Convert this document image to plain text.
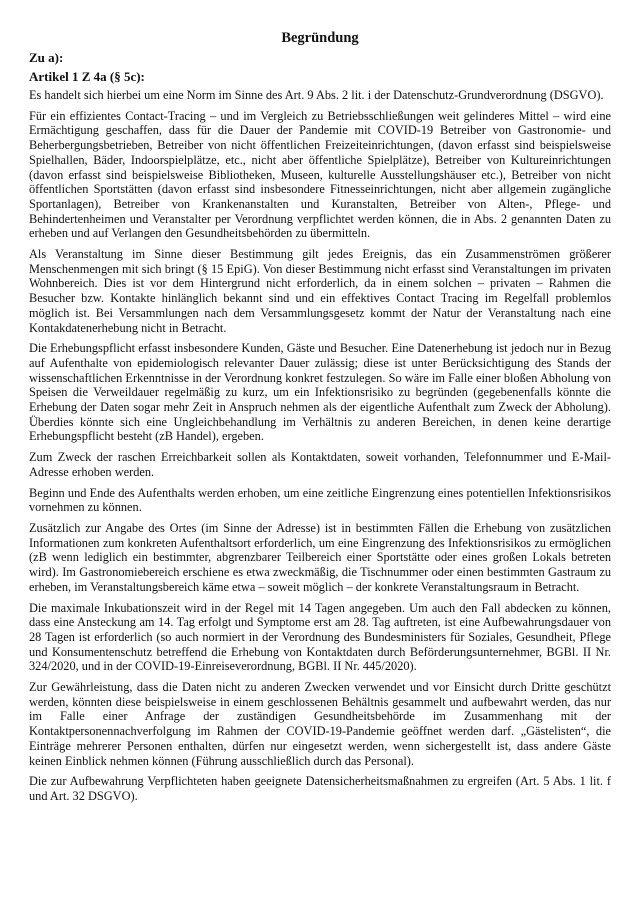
Begründung
Zu a):
Artikel 1 Z 4a (§ 5c):

Es handelt sich hierbei um eine Norm im Sinne des Art. 9 Abs. 2 lit. i der Datenschutz-Grundverordnung (DSGVO).

Für ein effizientes Contact-Tracing – und im Vergleich zu Betriebsschließungen weit gelinderes Mittel – wird eine Ermächtigung geschaffen, dass für die Dauer der Pandemie mit COVID-19 Betreiber von Gastronomie- und Beherbergungsbetrieben, Betreiber von nicht öffentlichen Freizeiteinrichtungen, (davon erfasst sind beispielsweise Spielhallen, Bäder, Indoorspielplätze, etc., nicht aber öffentliche Spielplätze), Betreiber von Kultureinrichtungen (davon erfasst sind beispielsweise Bibliotheken, Museen, kulturelle Ausstellungshäuser etc.), Betreiber von nicht öffentlichen Sportstätten (davon erfasst sind insbesondere Fitnesseinrichtungen, nicht aber allgemein zugängliche Sportanlagen), Betreiber von Krankenanstalten und Kuranstalten, Betreiber von Alten-, Pflege- und Behindertenheimen und Veranstalter per Verordnung verpflichtet werden können, die in Abs. 2 genannten Daten zu erheben und auf Verlangen den Gesundheitsbehörden zu übermitteln.

Als Veranstaltung im Sinne dieser Bestimmung gilt jedes Ereignis, das ein Zusammenströmen größerer Menschenmengen mit sich bringt (§ 15 EpiG). Von dieser Bestimmung nicht erfasst sind Veranstaltungen im privaten Wohnbereich. Dies ist vor dem Hintergrund nicht erforderlich, da in einem solchen – privaten – Rahmen die Besucher bzw. Kontakte hinlänglich bekannt sind und ein effektives Contact Tracing im Regelfall problemlos möglich ist. Bei Versammlungen nach dem Versammlungsgesetz kommt der Natur der Veranstaltung nach eine Kontakdatenerhebung nicht in Betracht.

Die Erhebungspflicht erfasst insbesondere Kunden, Gäste und Besucher. Eine Datenerhebung ist jedoch nur in Bezug auf Aufenthalte von epidemiologisch relevanter Dauer zulässig; diese ist unter Berücksichtigung des Stands der wissenschaftlichen Erkenntnisse in der Verordnung konkret festzulegen. So wäre im Falle einer bloßen Abholung von Speisen die Verweildauer regelmäßig zu kurz, um ein Infektionsrisiko zu begründen (gegebenenfalls könnte die Erhebung der Daten sogar mehr Zeit in Anspruch nehmen als der eigentliche Aufenthalt zum Zweck der Abholung). Überdies könnte sich eine Ungleichbehandlung im Verhältnis zu anderen Bereichen, in denen keine derartige Erhebungspflicht besteht (zB Handel), ergeben.

Zum Zweck der raschen Erreichbarkeit sollen als Kontaktdaten, soweit vorhanden, Telefonnummer und E-Mail-Adresse erhoben werden.

Beginn und Ende des Aufenthalts werden erhoben, um eine zeitliche Eingrenzung eines potentiellen Infektionsrisikos vornehmen zu können.

Zusätzlich zur Angabe des Ortes (im Sinne der Adresse) ist in bestimmten Fällen die Erhebung von zusätzlichen Informationen zum konkreten Aufenthaltsort erforderlich, um eine Eingrenzung des Infektionsrisikos zu ermöglichen (zB wenn lediglich ein bestimmter, abgrenzbarer Teilbereich einer Sportstätte oder eines großen Lokals betreten wird). Im Gastronomiebereich erschiene es etwa zweckmäßig, die Tischnummer oder einen bestimmten Gastraum zu erheben, im Veranstaltungsbereich käme etwa – soweit möglich – der konkrete Veranstaltungsraum in Betracht.

Die maximale Inkubationszeit wird in der Regel mit 14 Tagen angegeben. Um auch den Fall abdecken zu können, dass eine Ansteckung am 14. Tag erfolgt und Symptome erst am 28. Tag auftreten, ist eine Aufbewahrungsdauer von 28 Tagen ist erforderlich (so auch normiert in der Verordnung des Bundesministers für Soziales, Gesundheit, Pflege und Konsumentenschutz betreffend die Erhebung von Kontaktdaten durch Beförderungsunternehmer, BGBl. II Nr. 324/2020, und in der COVID-19-Einreiseverordnung, BGBl. II Nr. 445/2020).

Zur Gewährleistung, dass die Daten nicht zu anderen Zwecken verwendet und vor Einsicht durch Dritte geschützt werden, könnten diese beispielsweise in einem geschlossenen Behältnis gesammelt und aufbewahrt werden, das nur im Falle einer Anfrage der zuständigen Gesundheitsbehörde im Zusammenhang mit der Kontaktpersonennachverfolgung im Rahmen der COVID-19-Pandemie geöffnet werden darf. „Gästelisten“, die Einträge mehrerer Personen enthalten, dürfen nur eingesetzt werden, wenn sichergestellt ist, dass andere Gäste keinen Einblick nehmen können (Führung ausschließlich durch das Personal).

Die zur Aufbewahrung Verpflichteten haben geeignete Datensicherheitsmaßnahmen zu ergreifen (Art. 5 Abs. 1 lit. f und Art. 32 DSGVO).
